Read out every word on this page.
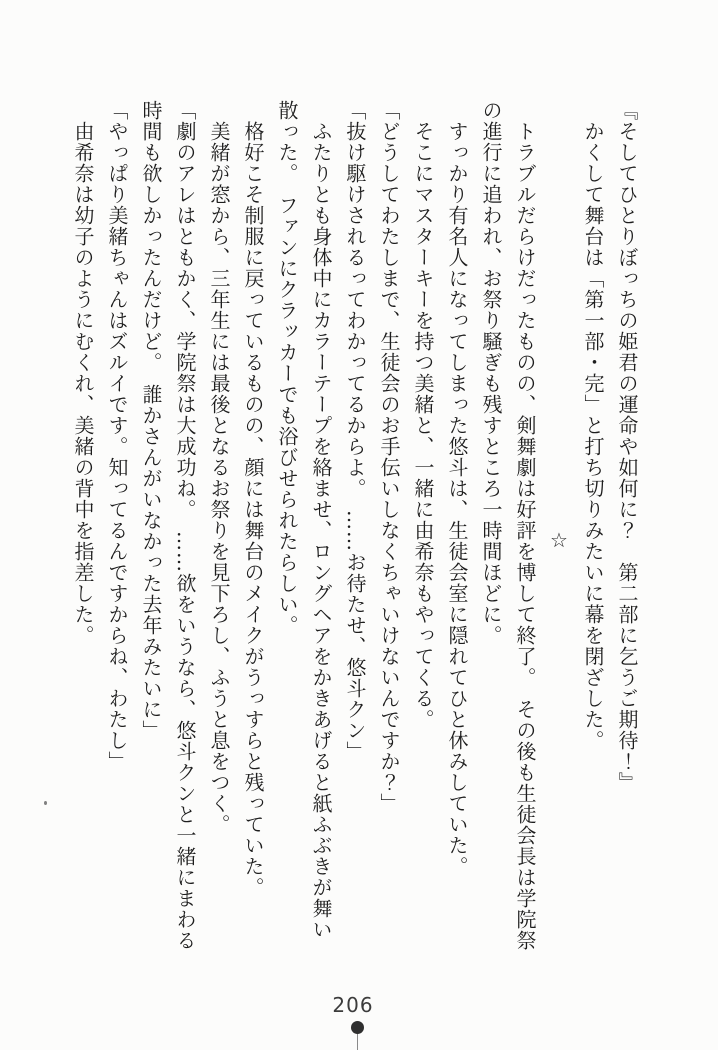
『そしてひとりぼっちの姫君の運命や如何に？　第二部に乞うご期待！』

　かくして舞台は「第一部・完」と打ち切りみたいに幕を閉ざした。

☆

　トラブルだらけだったものの、剣舞劇は好評を博して終了。　その後も生徒会長は学院祭

の進行に追われ、お祭り騒ぎも残すところ一時間ほどに。

　すっかり有名人になってしまった悠斗は、生徒会室に隠れてひと休みしていた。

　そこにマスターキーを持つ美緒と、一緒に由希奈もやってくる。

「どうしてわたしまで、生徒会のお手伝いしなくちゃいけないんですか？」

「抜け駆けされるってわかってるからよ。　……お待たせ、悠斗クン」

　ふたりとも身体中にカラーテープを絡ませ、ロングヘアをかきあげると紙ふぶきが舞い

散った。　ファンにクラッカーでも浴びせられたらしい。

　格好こそ制服に戻っているものの、顔には舞台のメイクがうっすらと残っていた。

　美緒が窓から、三年生には最後となるお祭りを見下ろし、ふうと息をつく。

「劇のアレはともかく、学院祭は大成功ね。　……欲をいうなら、悠斗クンと一緒にまわる

時間も欲しかったんだけど。　誰かさんがいなかった去年みたいに」

「やっぱり美緒ちゃんはズルイです。知ってるんですからね、わたし」

　由希奈は幼子のようにむくれ、美緒の背中を指差した。

206
